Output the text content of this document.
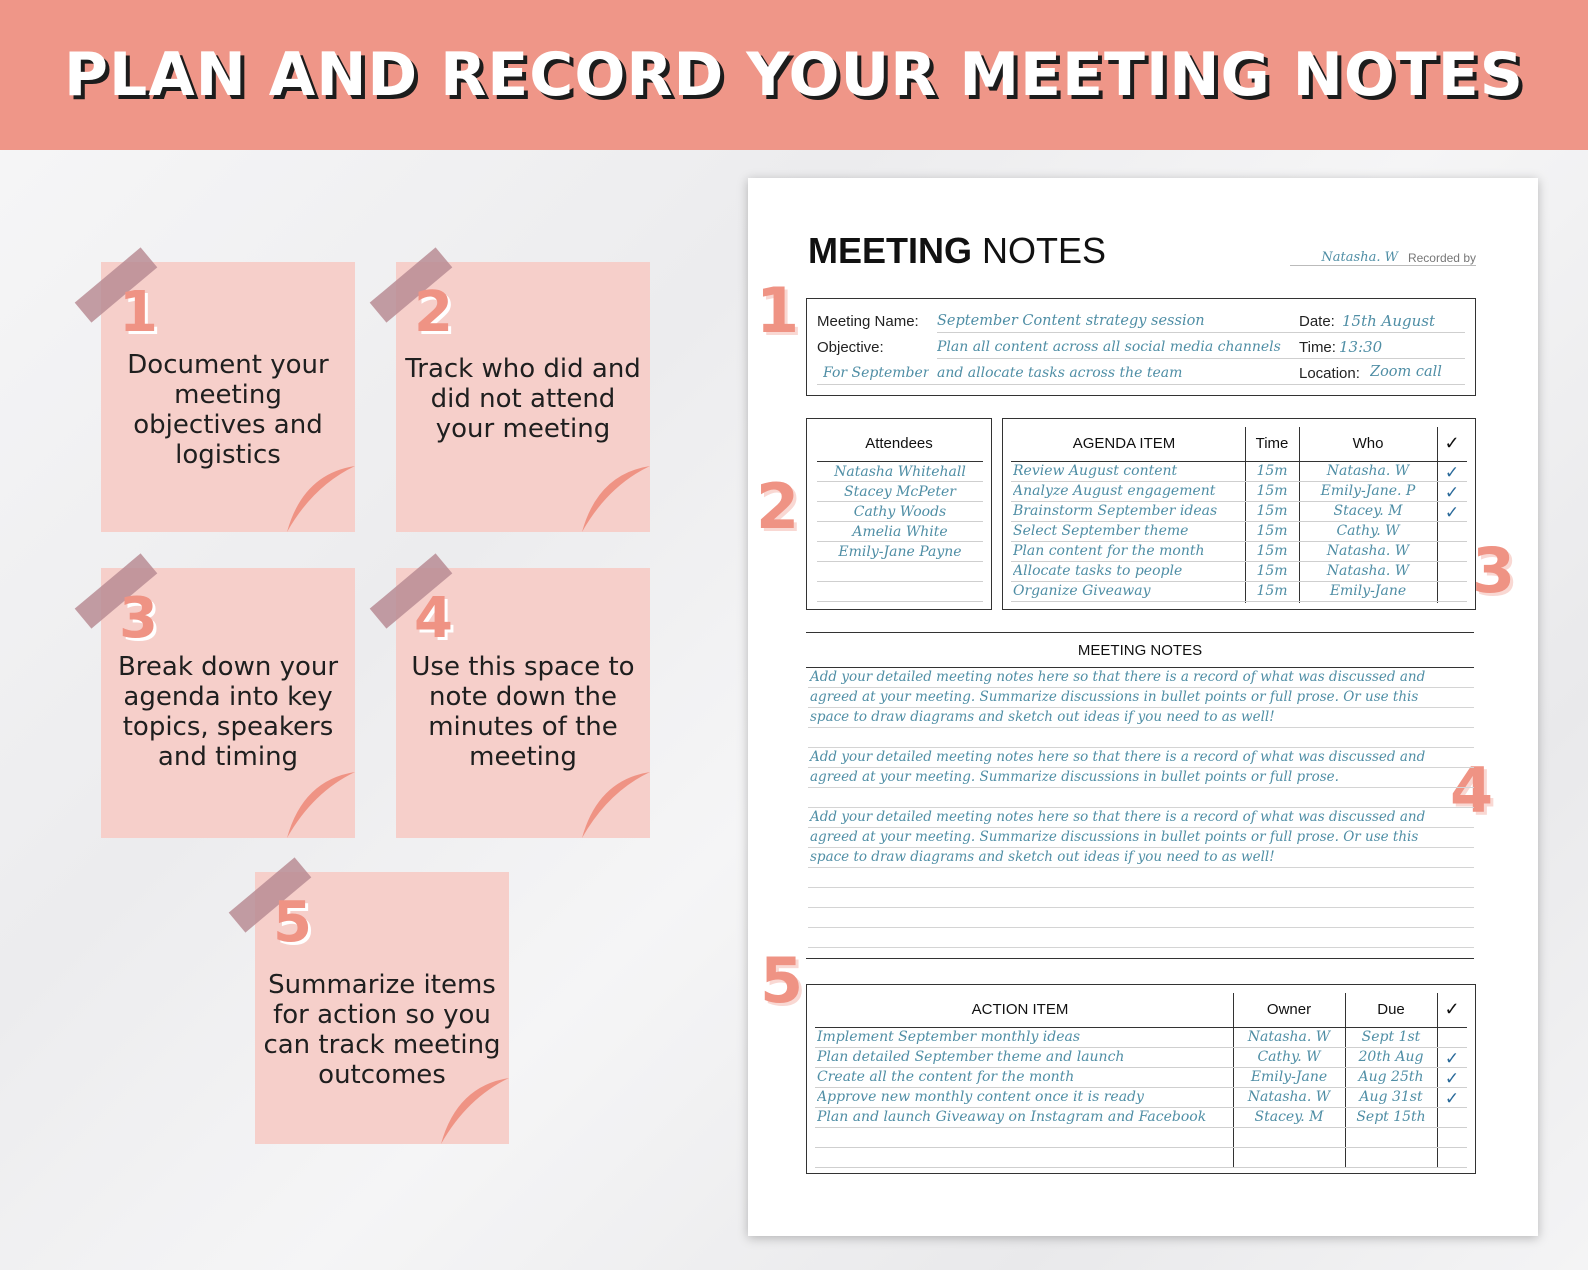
PLAN AND RECORD YOUR MEETING NOTES
1
Document your meeting objectives and logistics
2
Track who did and did not attend your meeting
3
Break down your agenda into key topics, speakers and timing
4
Use this space to note down the minutes of the meeting
5
Summarize items for action so you can track meeting outcomes
MEETING NOTES	Natasha. W Recorded by
1
2
3
4
5
Meeting Name: September Content strategy session
Objective:	Plan all content across all social media channels
For September and allocate tasks across the team
Date: 15th August
Time: 13:30
Location: Zoom call
Attendees
Natasha Whitehall
Stacey McPeter
Cathy Woods
Amelia White
Emily-Jane Payne
AGENDA ITEM	Time	Who	✓
Review August content	15m	Natasha. W	✓
Analyze August engagement	15m	Emily-Jane. P	✓
Brainstorm September ideas	15m	Stacey. M	✓
Select September theme	15m	Cathy. W
Plan content for the month	15m	Natasha. W
Allocate tasks to people	15m	Natasha. W
Organize Giveaway	15m	Emily-Jane
MEETING NOTES
Add your detailed meeting notes here so that there is a record of what was discussed and
agreed at your meeting. Summarize discussions in bullet points or full prose. Or use this
space to draw diagrams and sketch out ideas if you need to as well!
Add your detailed meeting notes here so that there is a record of what was discussed and
agreed at your meeting. Summarize discussions in bullet points or full prose.
Add your detailed meeting notes here so that there is a record of what was discussed and
agreed at your meeting. Summarize discussions in bullet points or full prose. Or use this
space to draw diagrams and sketch out ideas if you need to as well!
ACTION ITEM	Owner	Due	✓
Implement September monthly ideas	Natasha. W	Sept 1st
Plan detailed September theme and launch	Cathy. W	20th Aug	✓
Create all the content for the month	Emily-Jane	Aug 25th	✓
Approve new monthly content once it is ready	Natasha. W	Aug 31st	✓
Plan and launch Giveaway on Instagram and Facebook	Stacey. M	Sept 15th
